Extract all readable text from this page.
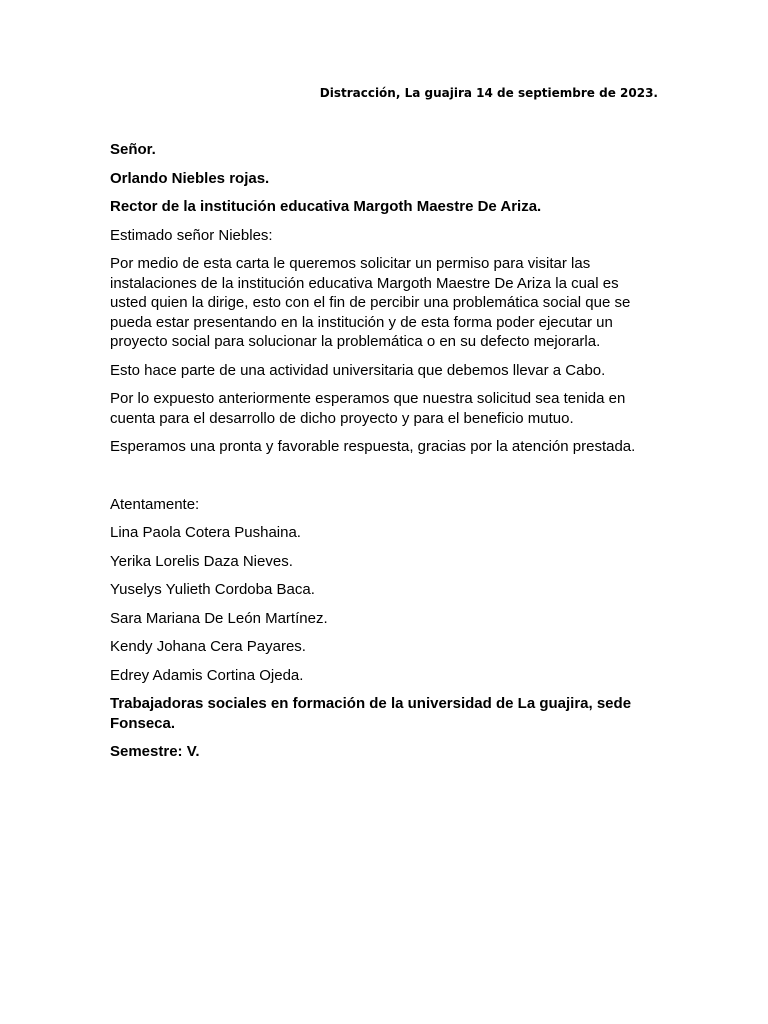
Distracción, La guajira 14 de septiembre de 2023.

Señor.

Orlando Niebles rojas.

Rector de la institución educativa Margoth Maestre De Ariza.

Estimado señor Niebles:

Por medio de esta carta le queremos solicitar un permiso para visitar las instalaciones de la institución educativa Margoth Maestre De Ariza la cual es usted quien la dirige, esto con el fin de percibir una problemática social que se pueda estar presentando en la institución y de esta forma poder ejecutar un proyecto social para solucionar la problemática o en su defecto mejorarla.

Esto hace parte de una actividad universitaria que debemos llevar a Cabo.

Por lo expuesto anteriormente esperamos que nuestra solicitud sea tenida en cuenta para el desarrollo de dicho proyecto y para el beneficio mutuo.

Esperamos una pronta y favorable respuesta, gracias por la atención prestada.

Atentamente:

Lina Paola Cotera Pushaina.

Yerika Lorelis Daza Nieves.

Yuselys Yulieth Cordoba Baca.

Sara Mariana De León Martínez.

Kendy Johana Cera Payares.

Edrey Adamis Cortina Ojeda.

Trabajadoras sociales en formación de la universidad de La guajira, sede Fonseca.

Semestre: V.
